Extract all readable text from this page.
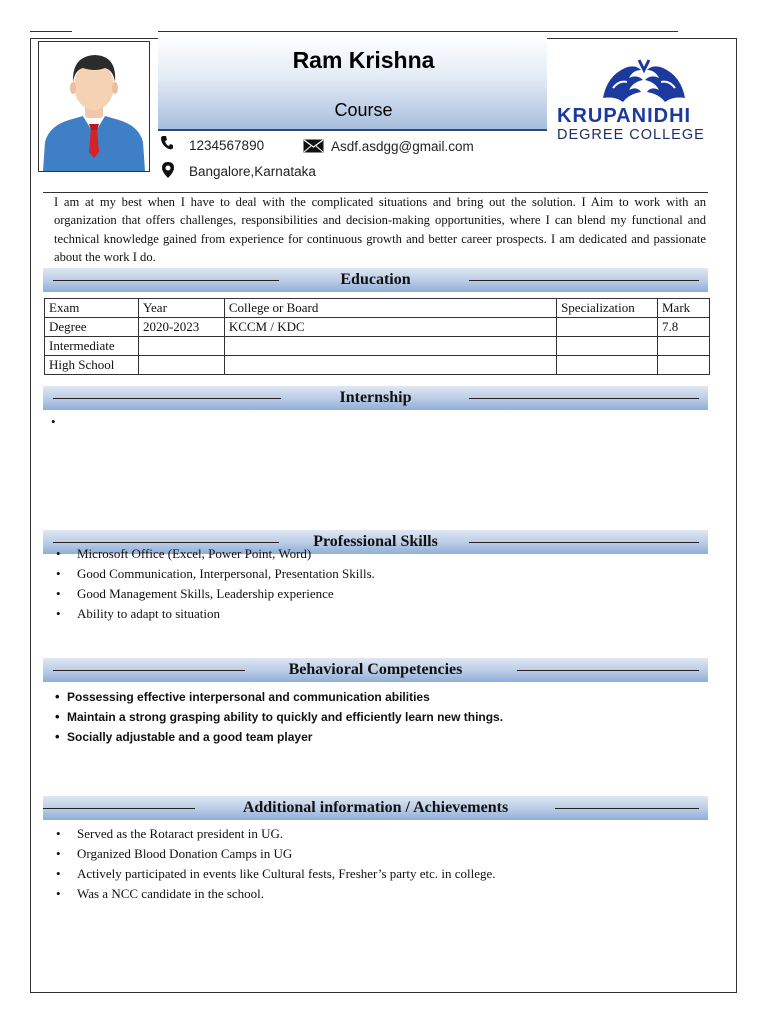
Ram Krishna
Course
1234567890	Asdf.asdgg@gmail.com
Bangalore,Karnataka
KRUPANIDHI
DEGREE COLLEGE
I am at my best when I have to deal with the complicated situations and bring out the solution. I Aim to work with an organization that offers challenges, responsibilities and decision-making opportunities, where I can blend my functional and technical knowledge gained from experience for continuous growth and better career prospects. I am dedicated and passionate about the work I do.
Education
Exam	Year	College or Board	Specialization	Mark
Degree	2020-2023	KCCM / KDC		7.8
Intermediate				
High School				
Internship
•
Professional Skills
• Microsoft Office (Excel, Power Point, Word)
• Good Communication, Interpersonal, Presentation Skills.
• Good Management Skills, Leadership experience
• Ability to adapt to situation
Behavioral Competencies
• Possessing effective interpersonal and communication abilities
• Maintain a strong grasping ability to quickly and efficiently learn new things.
• Socially adjustable and a good team player
Additional information / Achievements
• Served as the Rotaract president in UG.
• Organized Blood Donation Camps in UG
• Actively participated in events like Cultural fests, Fresher’s party etc. in college.
• Was a NCC candidate in the school.
